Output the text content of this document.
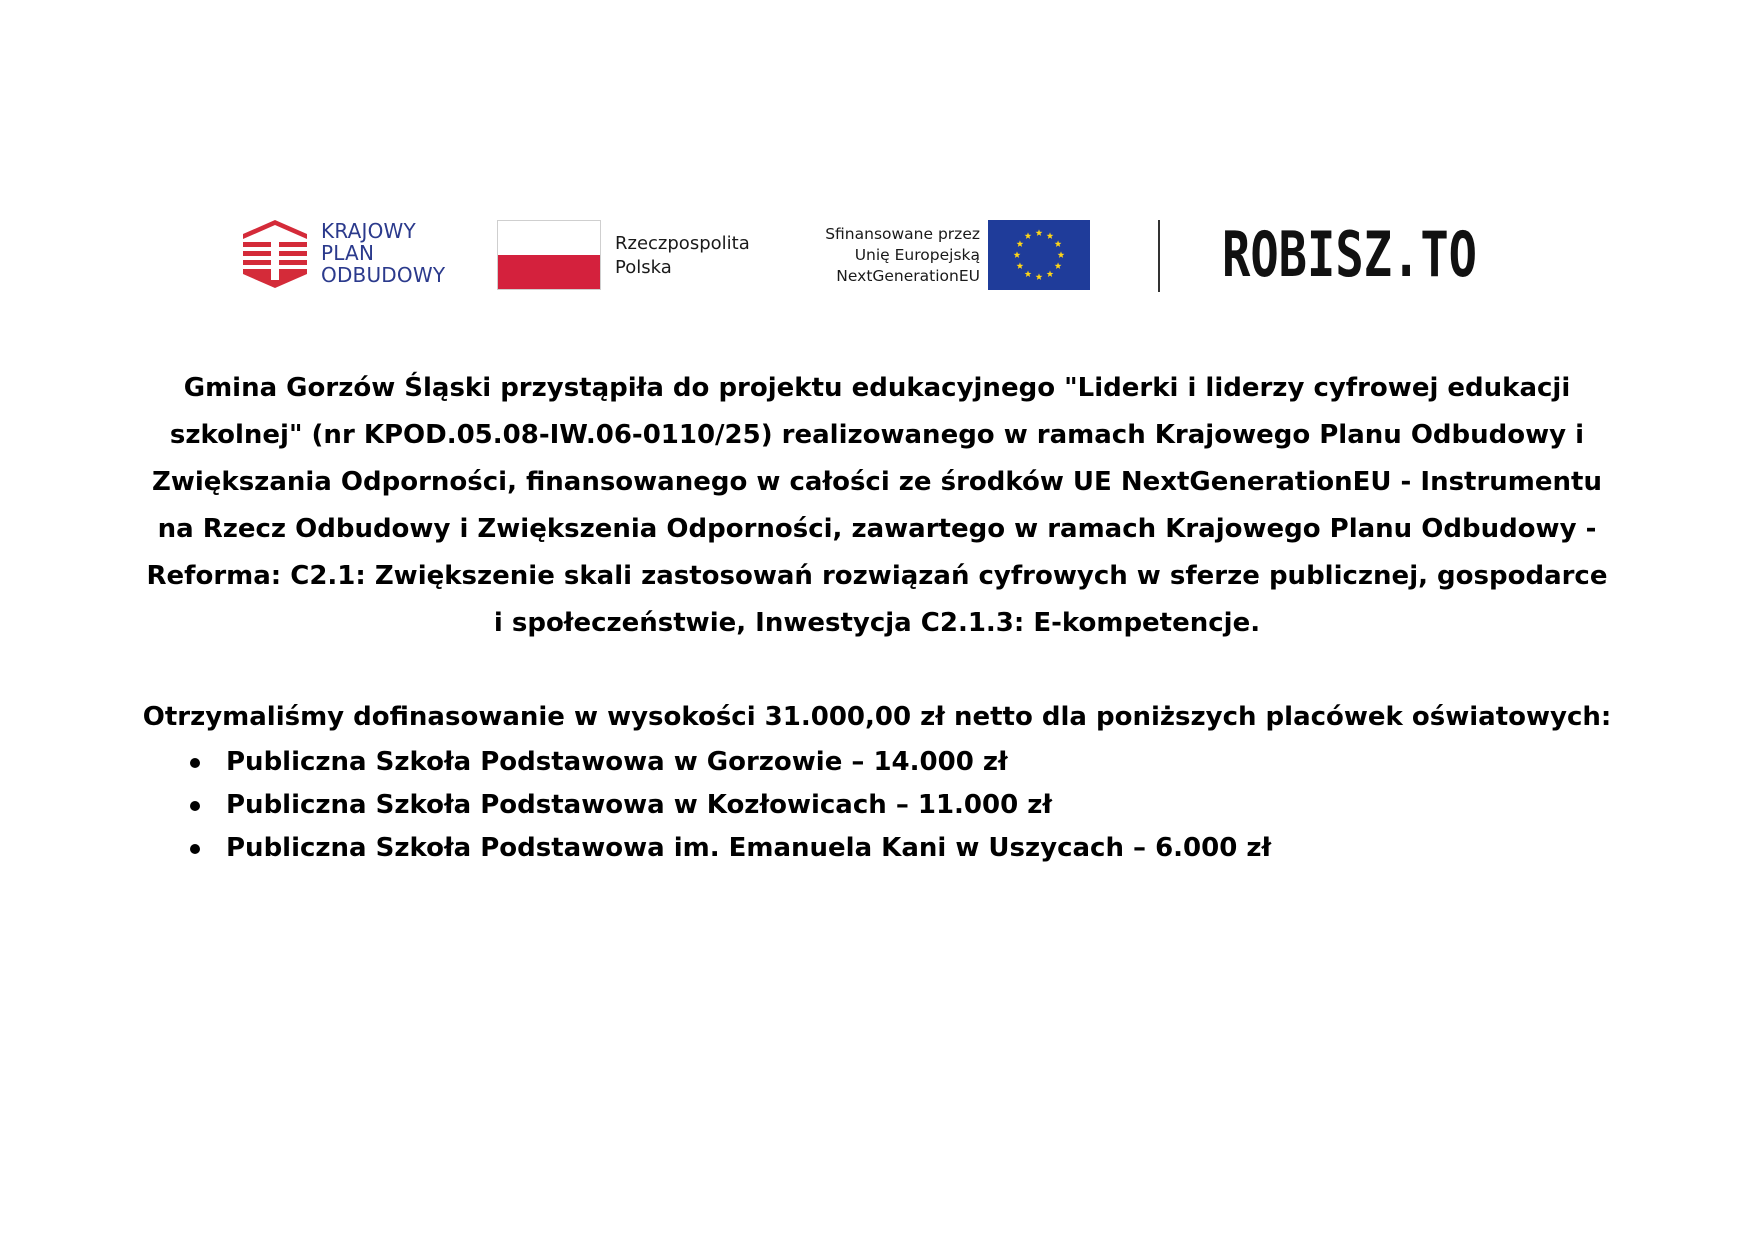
KRAJOWY
PLAN
ODBUDOWY
Rzeczpospolita
Polska
Sfinansowane przez
Unię Europejską
NextGenerationEU	ROBISZ.TO

Gmina Gorzów Śląski przystąpiła do projektu edukacyjnego "Liderki i liderzy cyfrowej edukacji szkolnej" (nr KPOD.05.08-IW.06-0110/25) realizowanego w ramach Krajowego Planu Odbudowy i Zwiększania Odporności, finansowanego w całości ze środków UE NextGenerationEU - Instrumentu na Rzecz Odbudowy i Zwiększenia Odporności, zawartego w ramach Krajowego Planu Odbudowy - Reforma: C2.1: Zwiększenie skali zastosowań rozwiązań cyfrowych w sferze publicznej, gospodarce i społeczeństwie, Inwestycja C2.1.3: E-kompetencje.

Otrzymaliśmy dofinasowanie w wysokości 31.000,00 zł netto dla poniższych placówek oświatowych:

Publiczna Szkoła Podstawowa w Gorzowie – 14.000 zł
Publiczna Szkoła Podstawowa w Kozłowicach – 11.000 zł
Publiczna Szkoła Podstawowa im. Emanuela Kani w Uszycach – 6.000 zł
